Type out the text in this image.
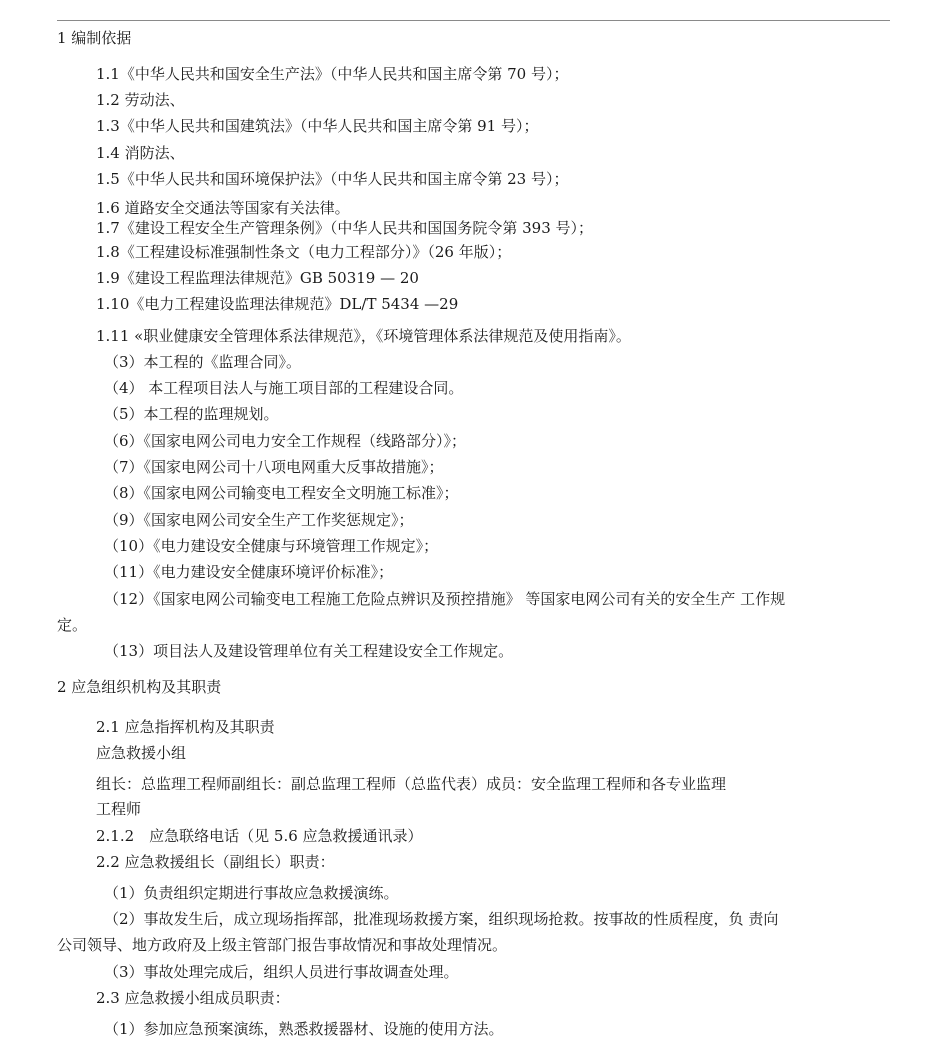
1 编制依据
1.1《中华人民共和国安全生产法》（中华人民共和国主席令第 70 号）；
1.2 劳动法、
1.3《中华人民共和国建筑法》（中华人民共和国主席令第 91 号）；
1.4 消防法、
1.5《中华人民共和国环境保护法》（中华人民共和国主席令第 23 号）；
1.6 道路安全交通法等国家有关法律。
1.7《建设工程安全生产管理条例》（中华人民共和国国务院令第 393 号）；
1.8《工程建设标准强制性条文（电力工程部分）》（26 年版）；
1.9《建设工程监理法律规范》GB 50319 — 20
1.10《电力工程建设监理法律规范》DL/T 5434 —29
1.11 «职业健康安全管理体系法律规范》，《环境管理体系法律规范及使用指南》。
（3）本工程的《监理合同》。
（4） 本工程项目法人与施工项目部的工程建设合同。
（5）本工程的监理规划。
（6）《国家电网公司电力安全工作规程（线路部分）》；
（7）《国家电网公司十八项电网重大反事故措施》；
（8）《国家电网公司输变电工程安全文明施工标准》；
（9）《国家电网公司安全生产工作奖惩规定》；
（10）《电力建设安全健康与环境管理工作规定》；
（11）《电力建设安全健康环境评价标准》；
（12）《国家电网公司输变电工程施工危险点辨识及预控措施》 等国家电网公司有关的安全生产 工作规
定。
（13）项目法人及建设管理单位有关工程建设安全工作规定。
2 应急组织机构及其职责
2.1 应急指挥机构及其职责
应急救援小组
组长：总监理工程师副组长：副总监理工程师（总监代表）成员：安全监理工程师和各专业监理
工程师
2.1.2　应急联络电话（见 5.6 应急救援通讯录）
2.2 应急救援组长（副组长）职责：
（1）负责组织定期进行事故应急救援演练。
（2）事故发生后，成立现场指挥部，批准现场救援方案，组织现场抢救。按事故的性质程度，负 责向
公司领导、地方政府及上级主管部门报告事故情况和事故处理情况。
（3）事故处理完成后，组织人员进行事故调查处理。
2.3 应急救援小组成员职责：
（1）参加应急预案演练，熟悉救援器材、设施的使用方法。
